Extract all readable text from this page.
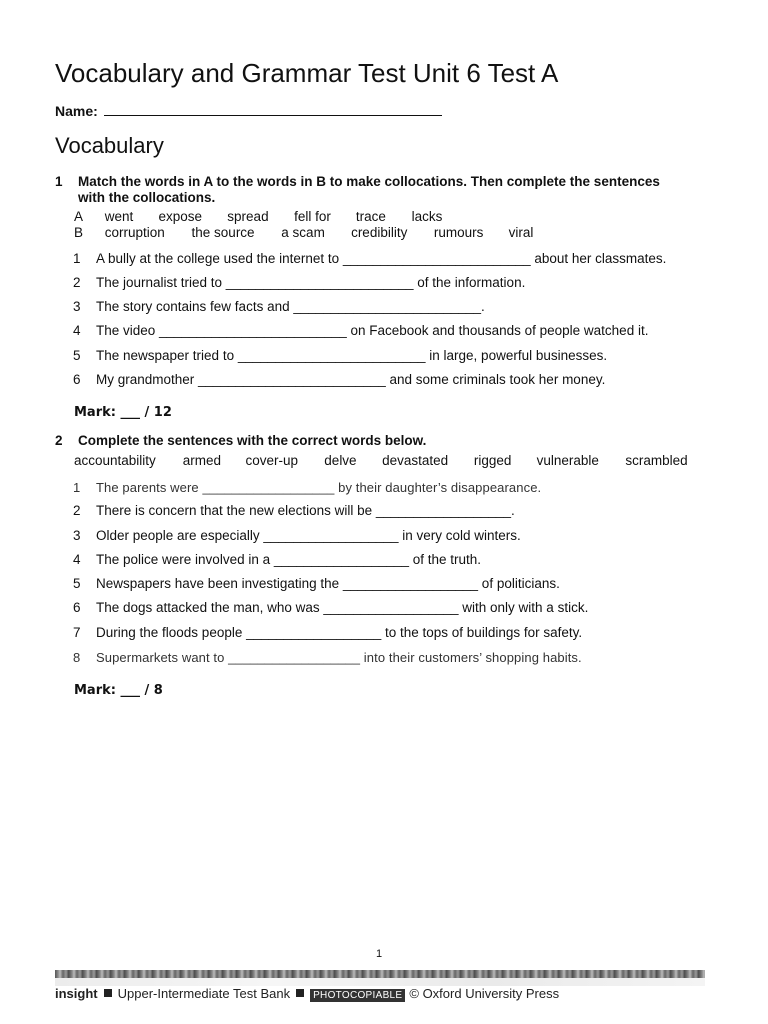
Vocabulary and Grammar Test Unit 6 Test A
Name:
Vocabulary
1 Match the words in A to the words in B to make collocations. Then complete the sentences
with the collocations.
A went expose spread fell for trace lacks
B corruption the source a scam credibility rumours viral
1 A bully at the college used the internet to _________________________ about her classmates.
2 The journalist tried to _________________________ of the information.
3 The story contains few facts and _________________________.
4 The video _________________________ on Facebook and thousands of people watched it.
5 The newspaper tried to _________________________ in large, powerful businesses.
6 My grandmother _________________________ and some criminals took her money.
Mark: ___ / 12
2 Complete the sentences with the correct words below.
accountability armed cover-up delve devastated rigged vulnerable scrambled
1 The parents were __________________ by their daughter’s disappearance.
2 There is concern that the new elections will be __________________.
3 Older people are especially __________________ in very cold winters.
4 The police were involved in a __________________ of the truth.
5 Newspapers have been investigating the __________________ of politicians.
6 The dogs attacked the man, who was __________________ with only with a stick.
7 During the floods people __________________ to the tops of buildings for safety.
8 Supermarkets want to __________________ into their customers’ shopping habits.
Mark: ___ / 8
1
insight Upper-Intermediate Test Bank PHOTOCOPIABLE © Oxford University Press
